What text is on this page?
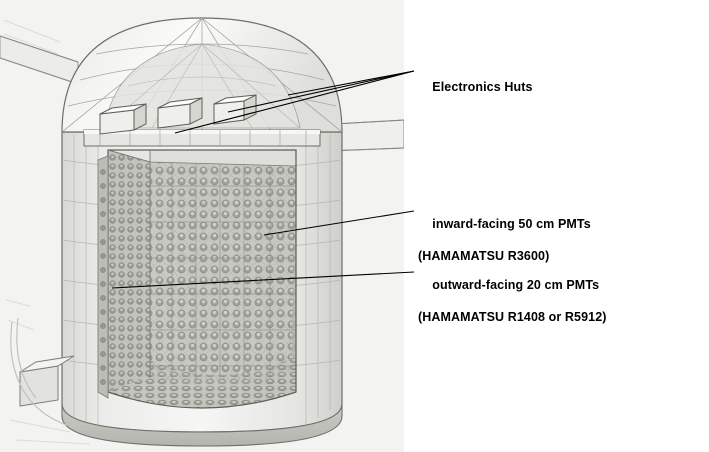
Electronics Huts

inward-facing 50 cm PMTs

(HAMAMATSU R3600)

outward-facing 20 cm PMTs

(HAMAMATSU R1408 or R5912)
